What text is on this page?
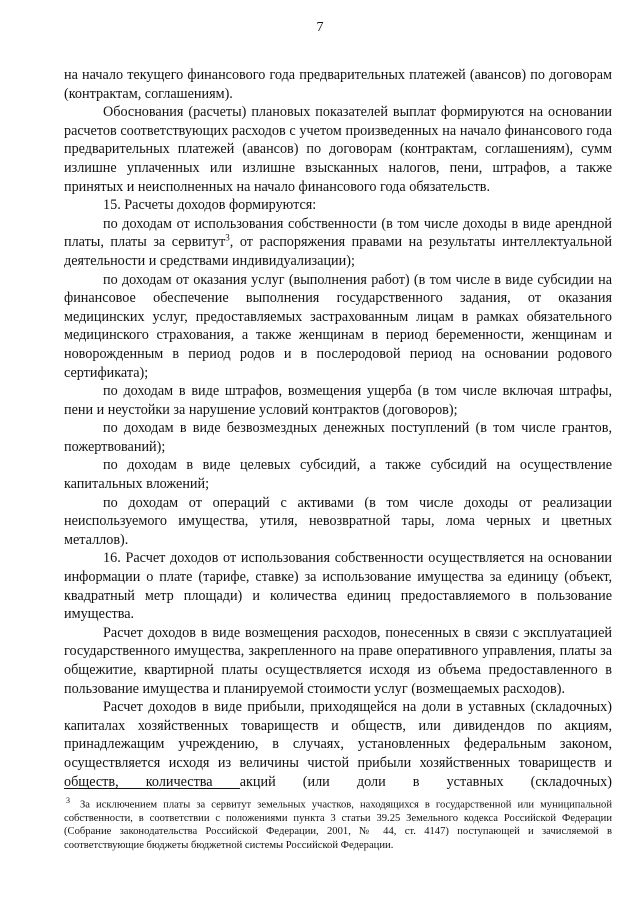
7

на начало текущего финансового года предварительных платежей (авансов) по договорам (контрактам, соглашениям).

Обоснования (расчеты) плановых показателей выплат формируются на основании расчетов соответствующих расходов с учетом произведенных на начало финансового года предварительных платежей (авансов) по договорам (контрактам, соглашениям), сумм излишне уплаченных или излишне взысканных налогов, пени, штрафов, а также принятых и неисполненных на начало финансового года обязательств.

15. Расчеты доходов формируются:

по доходам от использования собственности (в том числе доходы в виде арендной платы, платы за сервитут$^3$, от распоряжения правами на результаты интеллектуальной деятельности и средствами индивидуализации);

по доходам от оказания услуг (выполнения работ) (в том числе в виде субсидии на финансовое обеспечение выполнения государственного задания, от оказания медицинских услуг, предоставляемых застрахованным лицам в рамках обязательного медицинского страхования, а также женщинам в период беременности, женщинам и новорожденным в период родов и в послеродовой период на основании родового сертификата);

по доходам в виде штрафов, возмещения ущерба (в том числе включая штрафы, пени и неустойки за нарушение условий контрактов (договоров);

по доходам в виде безвозмездных денежных поступлений (в том числе грантов, пожертвований);

по доходам в виде целевых субсидий, а также субсидий на осуществление капитальных вложений;

по доходам от операций с активами (в том числе доходы от реализации неиспользуемого имущества, утиля, невозвратной тары, лома черных и цветных металлов).

16. Расчет доходов от использования собственности осуществляется на основании информации о плате (тарифе, ставке) за использование имущества за единицу (объект, квадратный метр площади) и количества единиц предоставляемого в пользование имущества.

Расчет доходов в виде возмещения расходов, понесенных в связи с эксплуатацией государственного имущества, закрепленного на праве оперативного управления, платы за общежитие, квартирной платы осуществляется исходя из объема предоставленного в пользование имущества и планируемой стоимости услуг (возмещаемых расходов).

Расчет доходов в виде прибыли, приходящейся на доли в уставных (складочных) капиталах хозяйственных товариществ и обществ, или дивидендов по акциям, принадлежащим учреждению, в случаях, установленных федеральным законом, осуществляется исходя из величины чистой прибыли хозяйственных товариществ и обществ, количества акций (или доли в уставных (складочных)

$^3$ За исключением платы за сервитут земельных участков, находящихся в государственной или муниципальной собственности, в соответствии с положениями пункта 3 статьи 39.25 Земельного кодекса Российской Федерации (Собрание законодательства Российской Федерации, 2001, № 44, ст. 4147) поступающей и зачисляемой в соответствующие бюджеты бюджетной системы Российской Федерации.
